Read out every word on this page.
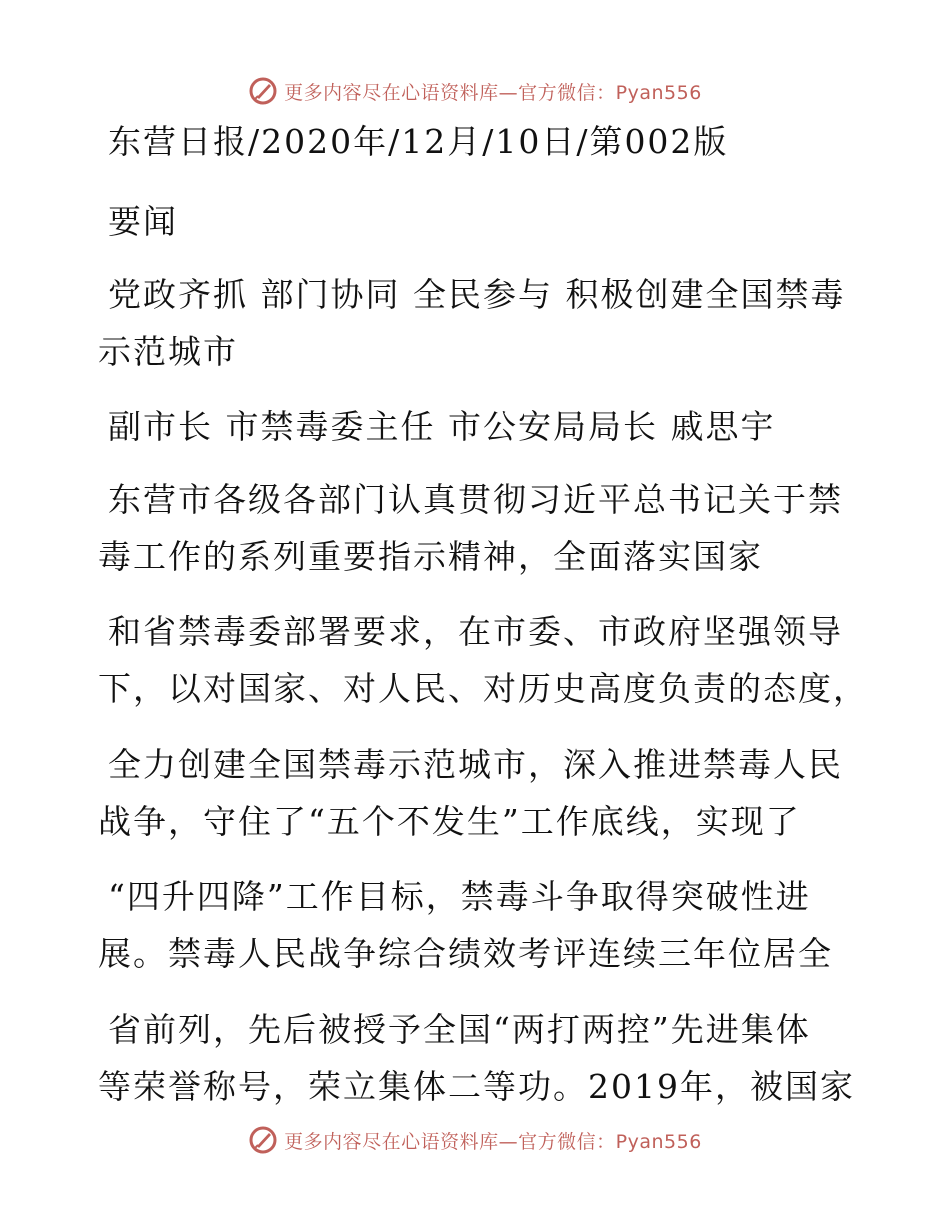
更多内容尽在心语资料库—官方微信：Pyan556
东营日报/2020年/12月/10日/第002版
要闻
党政齐抓 部门协同 全民参与 积极创建全国禁毒
示范城市
副市长 市禁毒委主任 市公安局局长 戚思宇
东营市各级各部门认真贯彻习近平总书记关于禁
毒工作的系列重要指示精神，全面落实国家
和省禁毒委部署要求，在市委、市政府坚强领导
下，以对国家、对人民、对历史高度负责的态度，
全力创建全国禁毒示范城市，深入推进禁毒人民
战争，守住了“五个不发生”工作底线，实现了
“四升四降”工作目标，禁毒斗争取得突破性进
展。禁毒人民战争综合绩效考评连续三年位居全
省前列，先后被授予全国“两打两控”先进集体
等荣誉称号，荣立集体二等功。2019年，被国家
更多内容尽在心语资料库—官方微信：Pyan556
